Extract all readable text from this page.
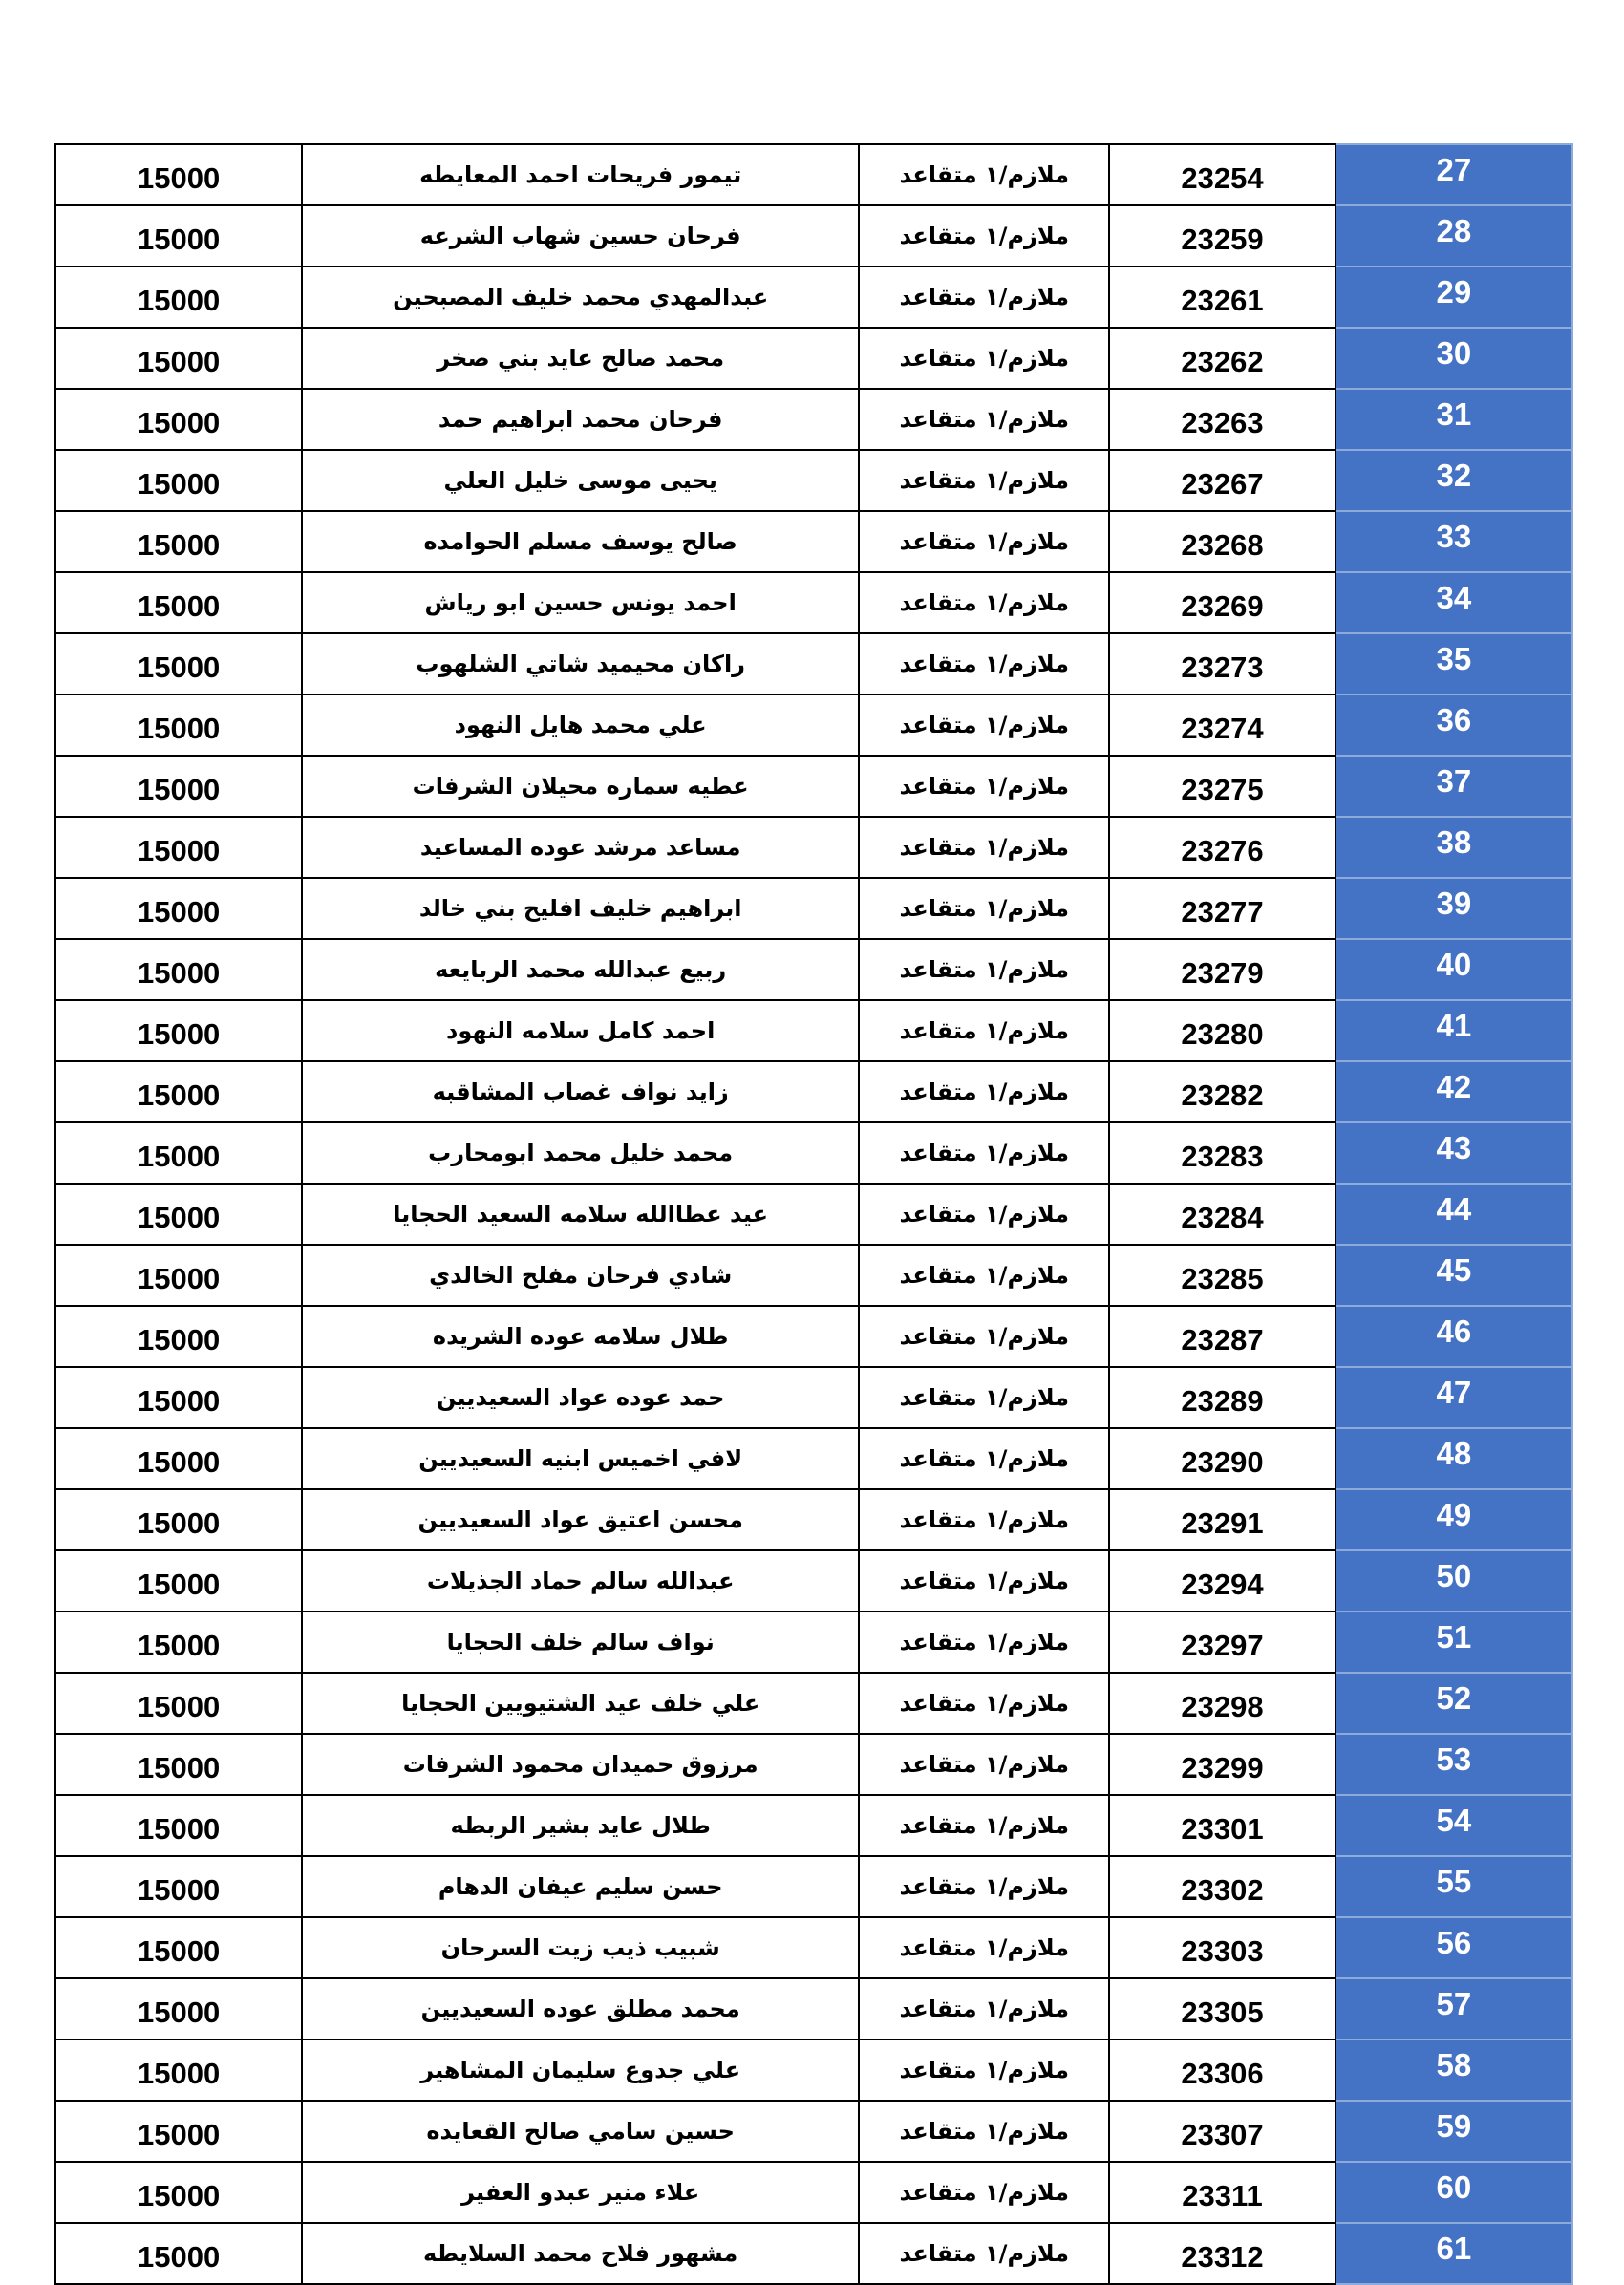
15000	تيمور فريحات احمد المعايطه	ملازم/١ متقاعد	23254	27
15000	فرحان حسين شهاب الشرعه	ملازم/١ متقاعد	23259	28
15000	عبدالمهدي محمد خليف المصبحين	ملازم/١ متقاعد	23261	29
15000	محمد صالح عايد بني صخر	ملازم/١ متقاعد	23262	30
15000	فرحان محمد ابراهيم حمد	ملازم/١ متقاعد	23263	31
15000	يحيى موسى خليل العلي	ملازم/١ متقاعد	23267	32
15000	صالح يوسف مسلم الحوامده	ملازم/١ متقاعد	23268	33
15000	احمد يونس حسين ابو رياش	ملازم/١ متقاعد	23269	34
15000	راكان محيميد شاتي الشلهوب	ملازم/١ متقاعد	23273	35
15000	علي محمد هايل النهود	ملازم/١ متقاعد	23274	36
15000	عطيه سماره محيلان الشرفات	ملازم/١ متقاعد	23275	37
15000	مساعد مرشد عوده المساعيد	ملازم/١ متقاعد	23276	38
15000	ابراهيم خليف افليح بني خالد	ملازم/١ متقاعد	23277	39
15000	ربيع عبدالله محمد الربايعه	ملازم/١ متقاعد	23279	40
15000	احمد كامل سلامه النهود	ملازم/١ متقاعد	23280	41
15000	زايد نواف غصاب المشاقبه	ملازم/١ متقاعد	23282	42
15000	محمد خليل محمد ابومحارب	ملازم/١ متقاعد	23283	43
15000	عيد عطاالله سلامه السعيد الحجايا	ملازم/١ متقاعد	23284	44
15000	شادي فرحان مفلح الخالدي	ملازم/١ متقاعد	23285	45
15000	طلال سلامه عوده الشريده	ملازم/١ متقاعد	23287	46
15000	حمد عوده عواد السعيديين	ملازم/١ متقاعد	23289	47
15000	لافي اخميس ابنيه السعيديين	ملازم/١ متقاعد	23290	48
15000	محسن اعتيق عواد السعيديين	ملازم/١ متقاعد	23291	49
15000	عبدالله سالم حماد الجذيلات	ملازم/١ متقاعد	23294	50
15000	نواف سالم خلف الحجايا	ملازم/١ متقاعد	23297	51
15000	علي خلف عيد الشتيويين الحجايا	ملازم/١ متقاعد	23298	52
15000	مرزوق حميدان محمود الشرفات	ملازم/١ متقاعد	23299	53
15000	طلال عايد بشير الربطه	ملازم/١ متقاعد	23301	54
15000	حسن سليم عيفان الدهام	ملازم/١ متقاعد	23302	55
15000	شبيب ذيب زيت السرحان	ملازم/١ متقاعد	23303	56
15000	محمد مطلق عوده السعيديين	ملازم/١ متقاعد	23305	57
15000	علي جدوع سليمان المشاهير	ملازم/١ متقاعد	23306	58
15000	حسين سامي صالح القعايده	ملازم/١ متقاعد	23307	59
15000	علاء منير عبدو العفير	ملازم/١ متقاعد	23311	60
15000	مشهور فلاح محمد السلايطه	ملازم/١ متقاعد	23312	61
